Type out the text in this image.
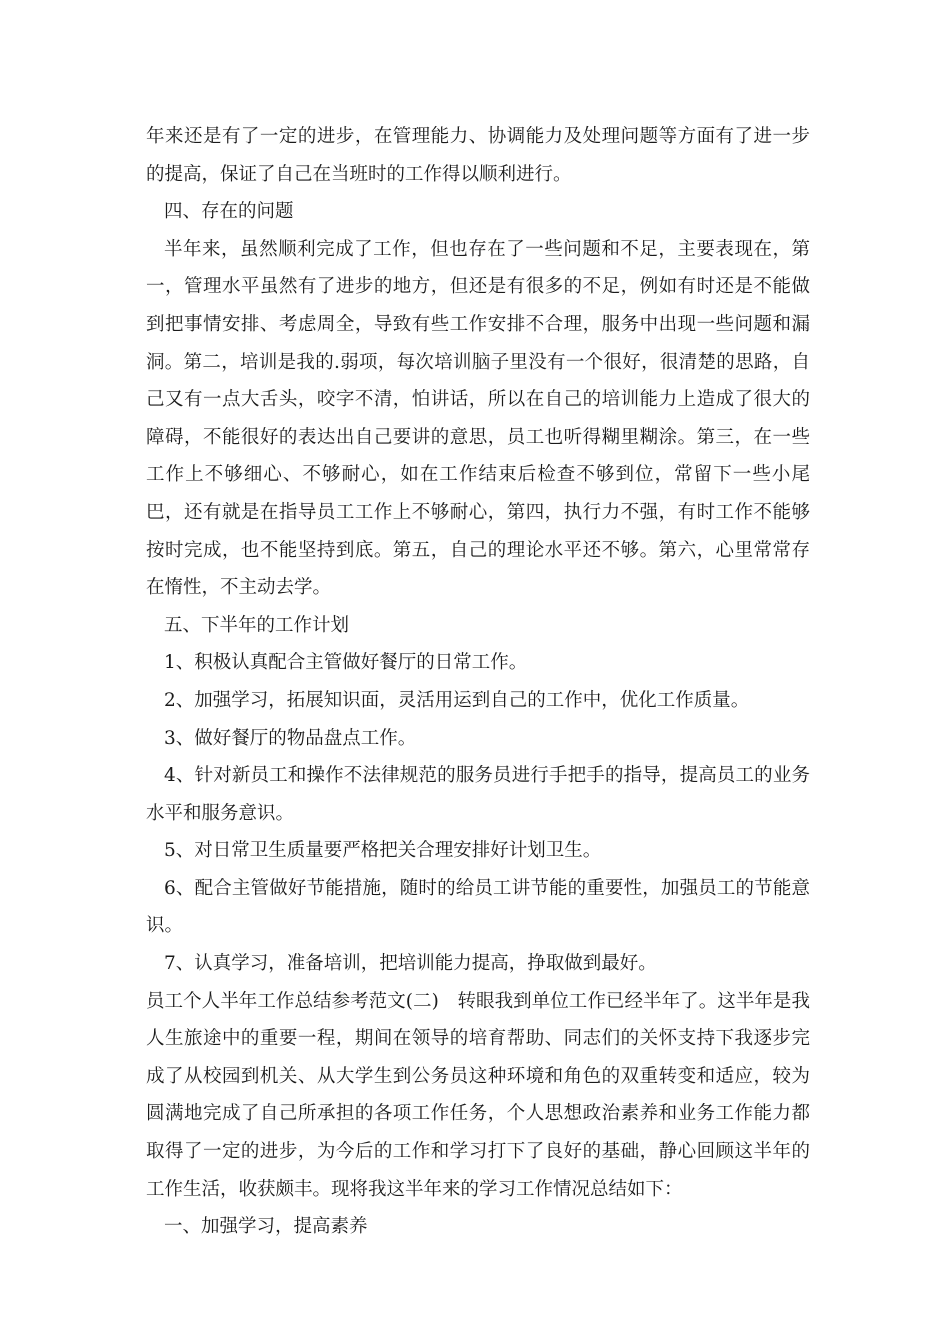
年来还是有了一定的进步，在管理能力、协调能力及处理问题等方面有了进一步的提高，保证了自己在当班时的工作得以顺利进行。

四、存在的问题

半年来，虽然顺利完成了工作，但也存在了一些问题和不足，主要表现在，第一，管理水平虽然有了进步的地方，但还是有很多的不足，例如有时还是不能做到把事情安排、考虑周全，导致有些工作安排不合理，服务中出现一些问题和漏洞。第二，培训是我的.弱项，每次培训脑子里没有一个很好，很清楚的思路，自己又有一点大舌头，咬字不清，怕讲话，所以在自己的培训能力上造成了很大的障碍，不能很好的表达出自己要讲的意思，员工也听得糊里糊涂。第三，在一些工作上不够细心、不够耐心，如在工作结束后检查不够到位，常留下一些小尾巴，还有就是在指导员工工作上不够耐心，第四，执行力不强，有时工作不能够按时完成，也不能坚持到底。第五，自己的理论水平还不够。第六，心里常常存在惰性，不主动去学。

五、下半年的工作计划

1、积极认真配合主管做好餐厅的日常工作。

2、加强学习，拓展知识面，灵活用运到自己的工作中，优化工作质量。

3、做好餐厅的物品盘点工作。

4、针对新员工和操作不法律规范的服务员进行手把手的指导，提高员工的业务水平和服务意识。

5、对日常卫生质量要严格把关合理安排好计划卫生。

6、配合主管做好节能措施，随时的给员工讲节能的重要性，加强员工的节能意识。

7、认真学习，准备培训，把培训能力提高，挣取做到最好。

员工个人半年工作总结参考范文(二)　转眼我到单位工作已经半年了。这半年是我人生旅途中的重要一程，期间在领导的培育帮助、同志们的关怀支持下我逐步完成了从校园到机关、从大学生到公务员这种环境和角色的双重转变和适应，较为圆满地完成了自己所承担的各项工作任务，个人思想政治素养和业务工作能力都取得了一定的进步，为今后的工作和学习打下了良好的基础，静心回顾这半年的工作生活，收获颇丰。现将我这半年来的学习工作情况总结如下：

一、加强学习，提高素养
